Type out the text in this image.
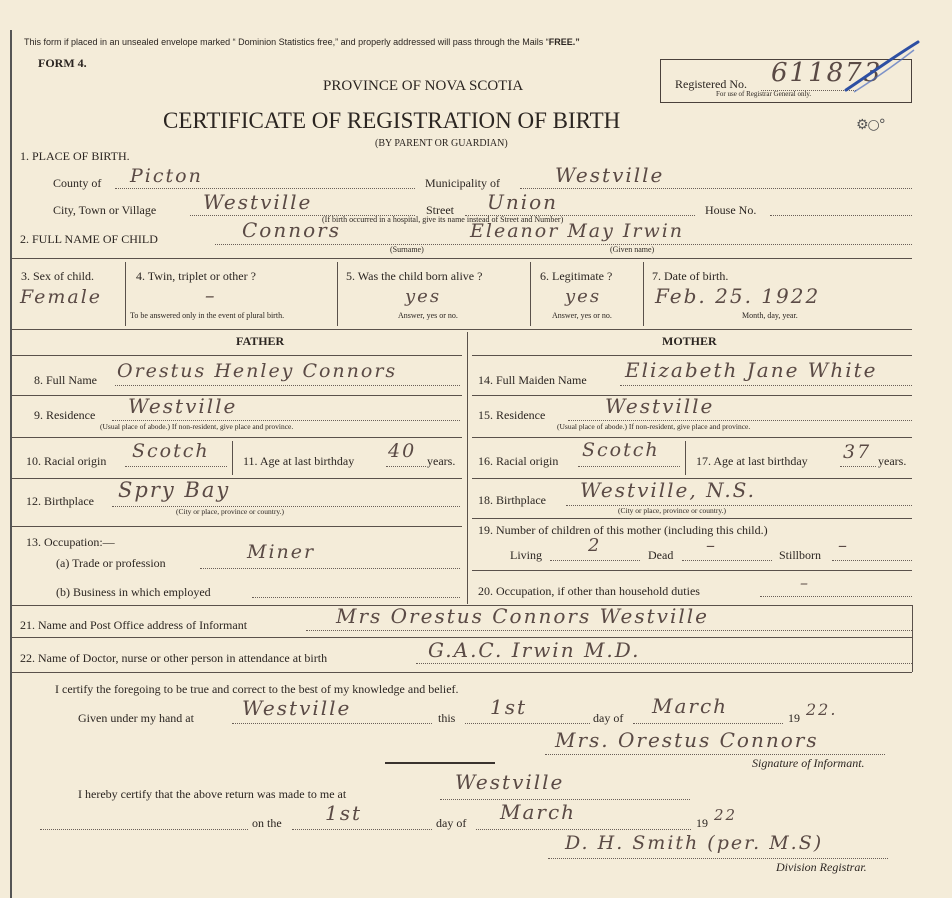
This form if placed in an unsealed envelope marked “ Dominion Statistics free,” and properly addressed will pass through the Mails “FREE.”
FORM 4.
PROVINCE OF NOVA SCOTIA
CERTIFICATE OF REGISTRATION OF BIRTH
(BY PARENT OR GUARDIAN)
Registered No. 611873
For use of Registrar General only.
⚙○°
1. PLACE OF BIRTH.
County of Picton	Municipality of	Westville
City, Town or Village Westville	Street Union	House No.
(If birth occurred in a hospital, give its name instead of Street and Number)
2. FULL NAME OF CHILD	Connors	Eleanor May Irwin
(Surname)	(Given name)
3. Sex of child.
Female
4. Twin, triplet or other ?
–
To be answered only in the event of plural birth.
5. Was the child born alive ?
yes
Answer, yes or no.
6. Legitimate ?
yes
Answer, yes or no.
7. Date of birth.
Feb. 25. 1922
Month, day, year.
FATHER	MOTHER
8. Full Name Orestus Henley Connors
9. Residence Westville
(Usual place of abode.) If non-resident, give place and province.
10. Racial origin Scotch	11. Age at last birthday 40 years.
12. Birthplace Spry Bay
(City or place, province or country.)
13. Occupation:—
(a) Trade or profession	Miner
(b) Business in which employed
14. Full Maiden Name Elizabeth Jane White
15. Residence	Westville
(Usual place of abode.) If non-resident, give place and province.
16. Racial origin Scotch	17. Age at last birthday 37 years.
18. Birthplace Westville, N.S.
(City or place, province or country.)
19. Number of children of this mother (including this child.)
Living	2	Dead –	Stillborn –
20. Occupation, if other than household duties	–
21. Name and Post Office address of Informant	Mrs Orestus Connors Westville
22. Name of Doctor, nurse or other person in attendance at birth	G.A.C. Irwin M.D.
I certify the foregoing to be true and correct to the best of my knowledge and belief.
Given under my hand at Westville	this 1st	day of March	19 22.
Mrs. Orestus Connors
Signature of Informant.
I hereby certify that the above return was made to me at	Westville
on the 1st	day of March	19 22
D. H. Smith (per. M.S)
Division Registrar.
